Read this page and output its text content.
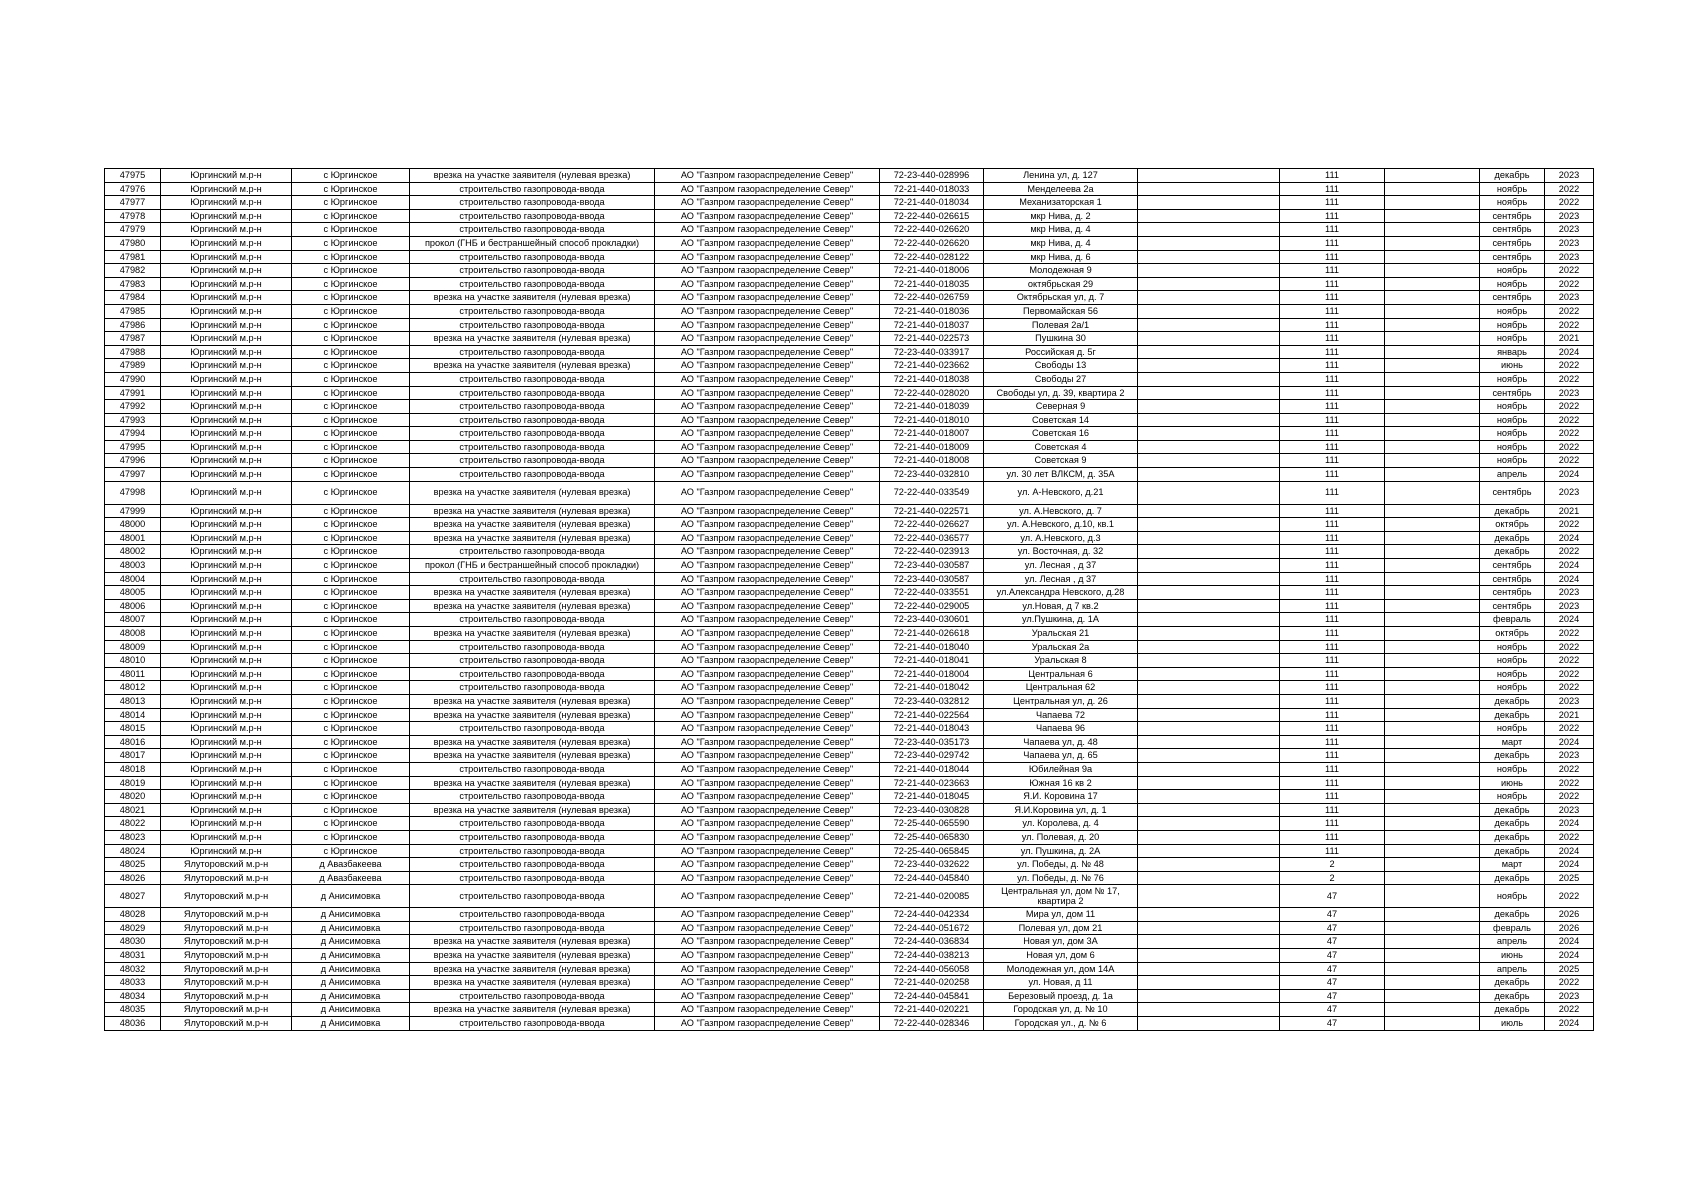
47975	Юргинский м.р-н	с Юргинское	врезка на участке заявителя (нулевая врезка)	АО "Газпром газораспределение Север"	72-23-440-028996	Ленина ул, д. 127		111		декабрь	2023
47976	Юргинский м.р-н	с Юргинское	строительство газопровода-ввода	АО "Газпром газораспределение Север"	72-21-440-018033	Менделеева 2а		111		ноябрь	2022
47977	Юргинский м.р-н	с Юргинское	строительство газопровода-ввода	АО "Газпром газораспределение Север"	72-21-440-018034	Механизаторская 1		111		ноябрь	2022
47978	Юргинский м.р-н	с Юргинское	строительство газопровода-ввода	АО "Газпром газораспределение Север"	72-22-440-026615	мкр Нива, д. 2		111		сентябрь	2023
47979	Юргинский м.р-н	с Юргинское	строительство газопровода-ввода	АО "Газпром газораспределение Север"	72-22-440-026620	мкр Нива, д. 4		111		сентябрь	2023
47980	Юргинский м.р-н	с Юргинское	прокол (ГНБ и бестраншейный способ прокладки)	АО "Газпром газораспределение Север"	72-22-440-026620	мкр Нива, д. 4		111		сентябрь	2023
47981	Юргинский м.р-н	с Юргинское	строительство газопровода-ввода	АО "Газпром газораспределение Север"	72-22-440-028122	мкр Нива, д. 6		111		сентябрь	2023
47982	Юргинский м.р-н	с Юргинское	строительство газопровода-ввода	АО "Газпром газораспределение Север"	72-21-440-018006	Молодежная 9		111		ноябрь	2022
47983	Юргинский м.р-н	с Юргинское	строительство газопровода-ввода	АО "Газпром газораспределение Север"	72-21-440-018035	октябрьская 29		111		ноябрь	2022
47984	Юргинский м.р-н	с Юргинское	врезка на участке заявителя (нулевая врезка)	АО "Газпром газораспределение Север"	72-22-440-026759	Октябрьская ул, д. 7		111		сентябрь	2023
47985	Юргинский м.р-н	с Юргинское	строительство газопровода-ввода	АО "Газпром газораспределение Север"	72-21-440-018036	Первомайская 56		111		ноябрь	2022
47986	Юргинский м.р-н	с Юргинское	строительство газопровода-ввода	АО "Газпром газораспределение Север"	72-21-440-018037	Полевая 2а/1		111		ноябрь	2022
47987	Юргинский м.р-н	с Юргинское	врезка на участке заявителя (нулевая врезка)	АО "Газпром газораспределение Север"	72-21-440-022573	Пушкина 30		111		ноябрь	2021
47988	Юргинский м.р-н	с Юргинское	строительство газопровода-ввода	АО "Газпром газораспределение Север"	72-23-440-033917	Российская д. 5г		111		январь	2024
47989	Юргинский м.р-н	с Юргинское	врезка на участке заявителя (нулевая врезка)	АО "Газпром газораспределение Север"	72-21-440-023662	Свободы 13		111		июнь	2022
47990	Юргинский м.р-н	с Юргинское	строительство газопровода-ввода	АО "Газпром газораспределение Север"	72-21-440-018038	Свободы 27		111		ноябрь	2022
47991	Юргинский м.р-н	с Юргинское	строительство газопровода-ввода	АО "Газпром газораспределение Север"	72-22-440-028020	Свободы ул, д. 39, квартира 2		111		сентябрь	2023
47992	Юргинский м.р-н	с Юргинское	строительство газопровода-ввода	АО "Газпром газораспределение Север"	72-21-440-018039	Северная 9		111		ноябрь	2022
47993	Юргинский м.р-н	с Юргинское	строительство газопровода-ввода	АО "Газпром газораспределение Север"	72-21-440-018010	Советская 14		111		ноябрь	2022
47994	Юргинский м.р-н	с Юргинское	строительство газопровода-ввода	АО "Газпром газораспределение Север"	72-21-440-018007	Советская 16		111		ноябрь	2022
47995	Юргинский м.р-н	с Юргинское	строительство газопровода-ввода	АО "Газпром газораспределение Север"	72-21-440-018009	Советская 4		111		ноябрь	2022
47996	Юргинский м.р-н	с Юргинское	строительство газопровода-ввода	АО "Газпром газораспределение Север"	72-21-440-018008	Советская 9		111		ноябрь	2022
47997	Юргинский м.р-н	с Юргинское	строительство газопровода-ввода	АО "Газпром газораспределение Север"	72-23-440-032810	ул. 30 лет ВЛКСМ, д. 35А		111		апрель	2024
47998	Юргинский м.р-н	с Юргинское	врезка на участке заявителя (нулевая врезка)	АО "Газпром газораспределение Север"	72-22-440-033549	ул. А-Невского, д.21		111		сентябрь	2023
47999	Юргинский м.р-н	с Юргинское	врезка на участке заявителя (нулевая врезка)	АО "Газпром газораспределение Север"	72-21-440-022571	ул. А.Невского, д. 7		111		декабрь	2021
48000	Юргинский м.р-н	с Юргинское	врезка на участке заявителя (нулевая врезка)	АО "Газпром газораспределение Север"	72-22-440-026627	ул. А.Невского, д.10, кв.1		111		октябрь	2022
48001	Юргинский м.р-н	с Юргинское	врезка на участке заявителя (нулевая врезка)	АО "Газпром газораспределение Север"	72-22-440-036577	ул. А.Невского, д.3		111		декабрь	2024
48002	Юргинский м.р-н	с Юргинское	строительство газопровода-ввода	АО "Газпром газораспределение Север"	72-22-440-023913	ул. Восточная, д. 32		111		декабрь	2022
48003	Юргинский м.р-н	с Юргинское	прокол (ГНБ и бестраншейный способ прокладки)	АО "Газпром газораспределение Север"	72-23-440-030587	ул. Лесная , д 37		111		сентябрь	2024
48004	Юргинский м.р-н	с Юргинское	строительство газопровода-ввода	АО "Газпром газораспределение Север"	72-23-440-030587	ул. Лесная , д 37		111		сентябрь	2024
48005	Юргинский м.р-н	с Юргинское	врезка на участке заявителя (нулевая врезка)	АО "Газпром газораспределение Север"	72-22-440-033551	ул.Александра Невского, д.28		111		сентябрь	2023
48006	Юргинский м.р-н	с Юргинское	врезка на участке заявителя (нулевая врезка)	АО "Газпром газораспределение Север"	72-22-440-029005	ул.Новая, д 7 кв.2		111		сентябрь	2023
48007	Юргинский м.р-н	с Юргинское	строительство газопровода-ввода	АО "Газпром газораспределение Север"	72-23-440-030601	ул.Пушкина, д. 1А		111		февраль	2024
48008	Юргинский м.р-н	с Юргинское	врезка на участке заявителя (нулевая врезка)	АО "Газпром газораспределение Север"	72-21-440-026618	Уральская 21		111		октябрь	2022
48009	Юргинский м.р-н	с Юргинское	строительство газопровода-ввода	АО "Газпром газораспределение Север"	72-21-440-018040	Уральская 2а		111		ноябрь	2022
48010	Юргинский м.р-н	с Юргинское	строительство газопровода-ввода	АО "Газпром газораспределение Север"	72-21-440-018041	Уральская 8		111		ноябрь	2022
48011	Юргинский м.р-н	с Юргинское	строительство газопровода-ввода	АО "Газпром газораспределение Север"	72-21-440-018004	Центральная 6		111		ноябрь	2022
48012	Юргинский м.р-н	с Юргинское	строительство газопровода-ввода	АО "Газпром газораспределение Север"	72-21-440-018042	Центральная 62		111		ноябрь	2022
48013	Юргинский м.р-н	с Юргинское	врезка на участке заявителя (нулевая врезка)	АО "Газпром газораспределение Север"	72-23-440-032812	Центральная ул, д. 26		111		декабрь	2023
48014	Юргинский м.р-н	с Юргинское	врезка на участке заявителя (нулевая врезка)	АО "Газпром газораспределение Север"	72-21-440-022564	Чапаева 72		111		декабрь	2021
48015	Юргинский м.р-н	с Юргинское	строительство газопровода-ввода	АО "Газпром газораспределение Север"	72-21-440-018043	Чапаева 96		111		ноябрь	2022
48016	Юргинский м.р-н	с Юргинское	врезка на участке заявителя (нулевая врезка)	АО "Газпром газораспределение Север"	72-23-440-035173	Чапаева ул, д. 48		111		март	2024
48017	Юргинский м.р-н	с Юргинское	врезка на участке заявителя (нулевая врезка)	АО "Газпром газораспределение Север"	72-23-440-029742	Чапаева ул, д. 65		111		декабрь	2023
48018	Юргинский м.р-н	с Юргинское	строительство газопровода-ввода	АО "Газпром газораспределение Север"	72-21-440-018044	Юбилейная 9а		111		ноябрь	2022
48019	Юргинский м.р-н	с Юргинское	врезка на участке заявителя (нулевая врезка)	АО "Газпром газораспределение Север"	72-21-440-023663	Южная 16 кв 2		111		июнь	2022
48020	Юргинский м.р-н	с Юргинское	строительство газопровода-ввода	АО "Газпром газораспределение Север"	72-21-440-018045	Я.И. Коровина 17		111		ноябрь	2022
48021	Юргинский м.р-н	с Юргинское	врезка на участке заявителя (нулевая врезка)	АО "Газпром газораспределение Север"	72-23-440-030828	Я.И.Коровина ул, д. 1		111		декабрь	2023
48022	Юргинский м.р-н	с Юргинское	строительство газопровода-ввода	АО "Газпром газораспределение Север"	72-25-440-065590	ул. Королева, д. 4		111		декабрь	2024
48023	Юргинский м.р-н	с Юргинское	строительство газопровода-ввода	АО "Газпром газораспределение Север"	72-25-440-065830	ул. Полевая, д. 20		111		декабрь	2022
48024	Юргинский м.р-н	с Юргинское	строительство газопровода-ввода	АО "Газпром газораспределение Север"	72-25-440-065845	ул. Пушкина, д. 2А		111		декабрь	2024
48025	Ялуторовский м.р-н	д Авазбакеева	строительство газопровода-ввода	АО "Газпром газораспределение Север"	72-23-440-032622	ул. Победы, д. № 48		2		март	2024
48026	Ялуторовский м.р-н	д Авазбакеева	строительство газопровода-ввода	АО "Газпром газораспределение Север"	72-24-440-045840	ул. Победы, д. № 76		2		декабрь	2025
48027	Ялуторовский м.р-н	д Анисимовка	строительство газопровода-ввода	АО "Газпром газораспределение Север"	72-21-440-020085	Центральная ул, дом № 17, квартира 2		47		ноябрь	2022
48028	Ялуторовский м.р-н	д Анисимовка	строительство газопровода-ввода	АО "Газпром газораспределение Север"	72-24-440-042334	Мира ул, дом 11		47		декабрь	2026
48029	Ялуторовский м.р-н	д Анисимовка	строительство газопровода-ввода	АО "Газпром газораспределение Север"	72-24-440-051672	Полевая ул, дом 21		47		февраль	2026
48030	Ялуторовский м.р-н	д Анисимовка	врезка на участке заявителя (нулевая врезка)	АО "Газпром газораспределение Север"	72-24-440-036834	Новая ул, дом 3А		47		апрель	2024
48031	Ялуторовский м.р-н	д Анисимовка	врезка на участке заявителя (нулевая врезка)	АО "Газпром газораспределение Север"	72-24-440-038213	Новая ул, дом 6		47		июнь	2024
48032	Ялуторовский м.р-н	д Анисимовка	врезка на участке заявителя (нулевая врезка)	АО "Газпром газораспределение Север"	72-24-440-056058	Молодежная ул, дом 14А		47		апрель	2025
48033	Ялуторовский м.р-н	д Анисимовка	врезка на участке заявителя (нулевая врезка)	АО "Газпром газораспределение Север"	72-21-440-020258	ул. Новая, д 11		47		декабрь	2022
48034	Ялуторовский м.р-н	д Анисимовка	строительство газопровода-ввода	АО "Газпром газораспределение Север"	72-24-440-045841	Березовый проезд, д. 1а		47		декабрь	2023
48035	Ялуторовский м.р-н	д Анисимовка	врезка на участке заявителя (нулевая врезка)	АО "Газпром газораспределение Север"	72-21-440-020221	Городская ул, д. № 10		47		декабрь	2022
48036	Ялуторовский м.р-н	д Анисимовка	строительство газопровода-ввода	АО "Газпром газораспределение Север"	72-22-440-028346	Городская ул., д. № 6		47		июль	2024
